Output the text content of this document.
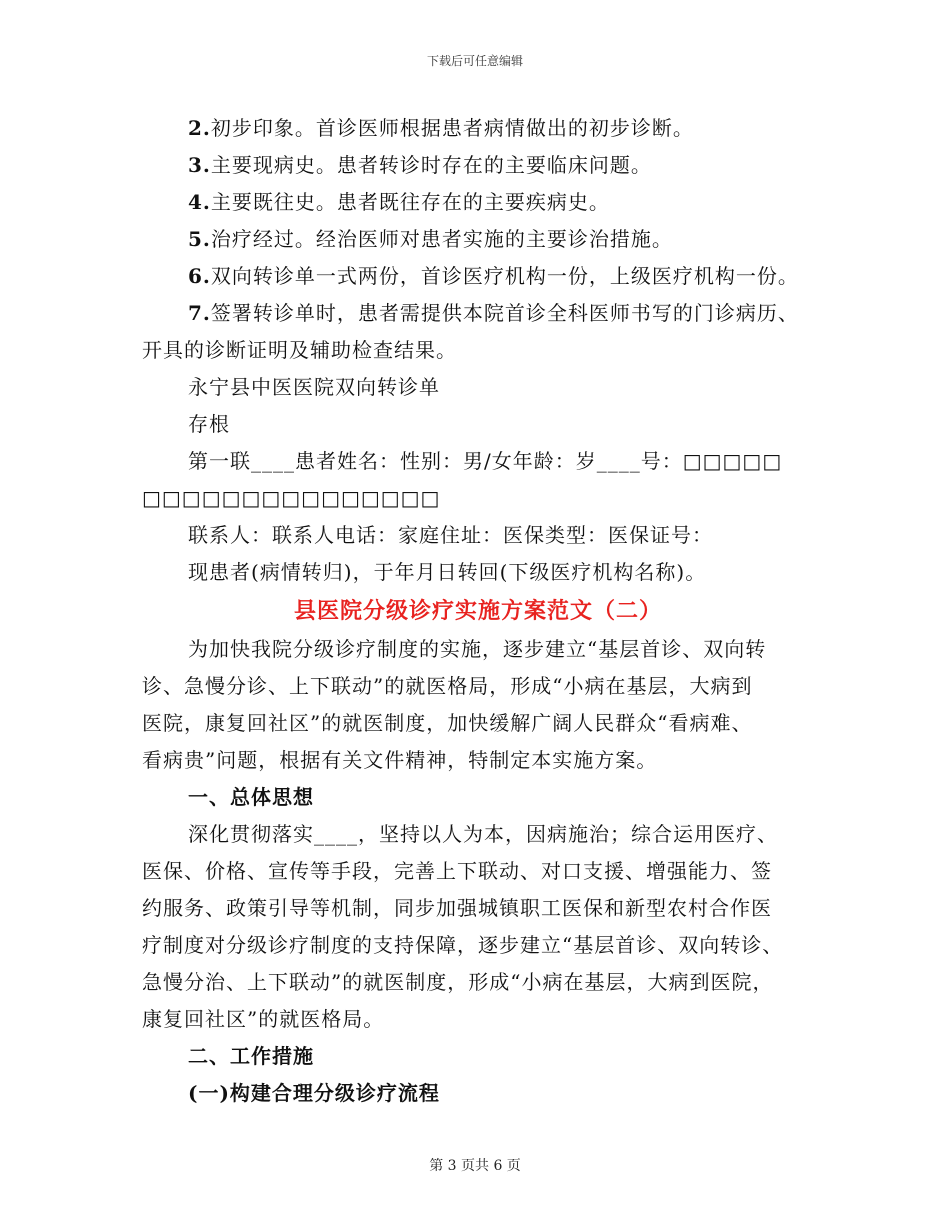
下载后可任意编辑

2.初步印象。首诊医师根据患者病情做出的初步诊断。

3.主要现病史。患者转诊时存在的主要临床问题。

4.主要既往史。患者既往存在的主要疾病史。

5.治疗经过。经治医师对患者实施的主要诊治措施。

6.双向转诊单一式两份，首诊医疗机构一份，上级医疗机构一份。

7.签署转诊单时，患者需提供本院首诊全科医师书写的门诊病历、

开具的诊断证明及辅助检查结果。

永宁县中医医院双向转诊单

存根

第一联____患者姓名：性别：男/女年龄：岁____号：□□□□□

□□□□□□□□□□□□□□□

联系人：联系人电话：家庭住址：医保类型：医保证号：

现患者(病情转归)，于年月日转回(下级医疗机构名称)。

县医院分级诊疗实施方案范文（二）

为加快我院分级诊疗制度的实施，逐步建立“基层首诊、双向转

诊、急慢分诊、上下联动”的就医格局，形成“小病在基层，大病到

医院，康复回社区”的就医制度，加快缓解广阔人民群众“看病难、

看病贵”问题，根据有关文件精神，特制定本实施方案。

一、总体思想

深化贯彻落实____，坚持以人为本，因病施治；综合运用医疗、

医保、价格、宣传等手段，完善上下联动、对口支援、增强能力、签

约服务、政策引导等机制，同步加强城镇职工医保和新型农村合作医

疗制度对分级诊疗制度的支持保障，逐步建立“基层首诊、双向转诊、

急慢分治、上下联动”的就医制度，形成“小病在基层，大病到医院，

康复回社区”的就医格局。

二、工作措施

(一)构建合理分级诊疗流程

第 3 页共 6 页
